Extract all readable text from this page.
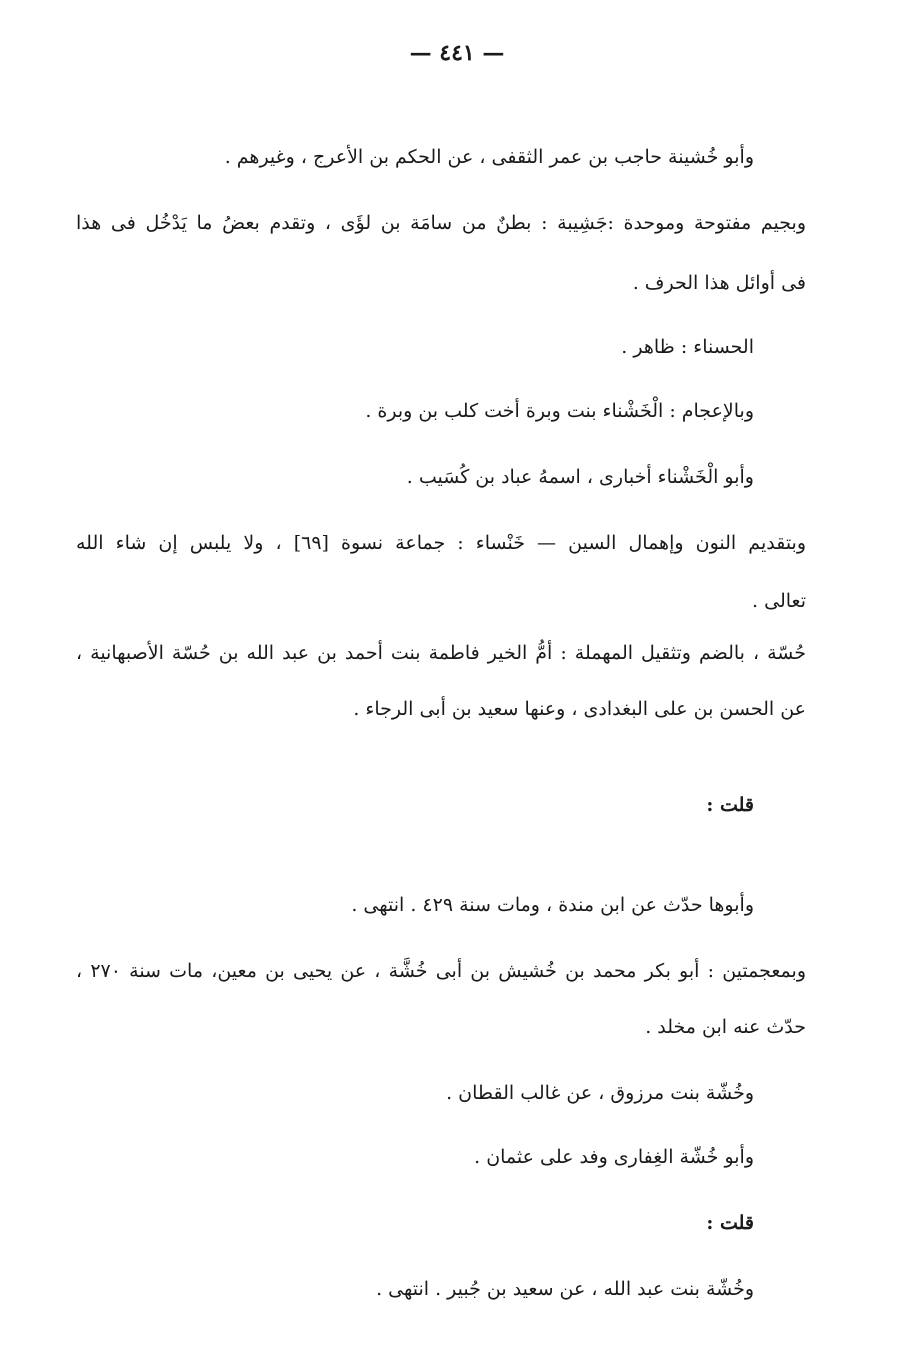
— ٤٤١ —
وأبو خُشينة حاجب بن عمر الثقفى ، عن الحكم بن الأعرج ، وغيرهم .
وبجيم مفتوحة وموحدة :جَشِيبة : بطنٌ من سامَة بن لؤَى ، وتقدم بعضُ ما يَدْخُل فى هذا
فى أوائل هذا الحرف .
الحسناء : ظاهر .
وبالإعجام : الْخَشْناء بنت وبرة أخت كلب بن وبرة .
وأبو الْخَشْناء أخبارى ، اسمهُ عباد بن كُسَيب .
وبتقديم النون وإهمال السين — خَنْساء : جماعة نسوة [٦٩] ، ولا يلبس إن شاء الله
تعالى .
حُسّة ، بالضم وتثقيل المهملة : أمُّ الخير فاطمة بنت أحمد بن عبد الله بن حُسّة الأصبهانية ،
عن الحسن بن على البغدادى ، وعنها سعيد بن أبى الرجاء .
قلت :
وأبوها حدّث عن ابن مندة ، ومات سنة ٤٢٩ . انتهى .
وبمعجمتين : أبو بكر محمد بن خُشيش بن أبى خُشَّة ، عن يحيى بن معين، مات سنة ٢٧٠ ،
حدّث عنه ابن مخلد .
وخُشّة بنت مرزوق ، عن غالب القطان .
وأبو خُشّة الغِفارى وفد على عثمان .
قلت :
وخُشّة بنت عبد الله ، عن سعيد بن جُبير . انتهى .
